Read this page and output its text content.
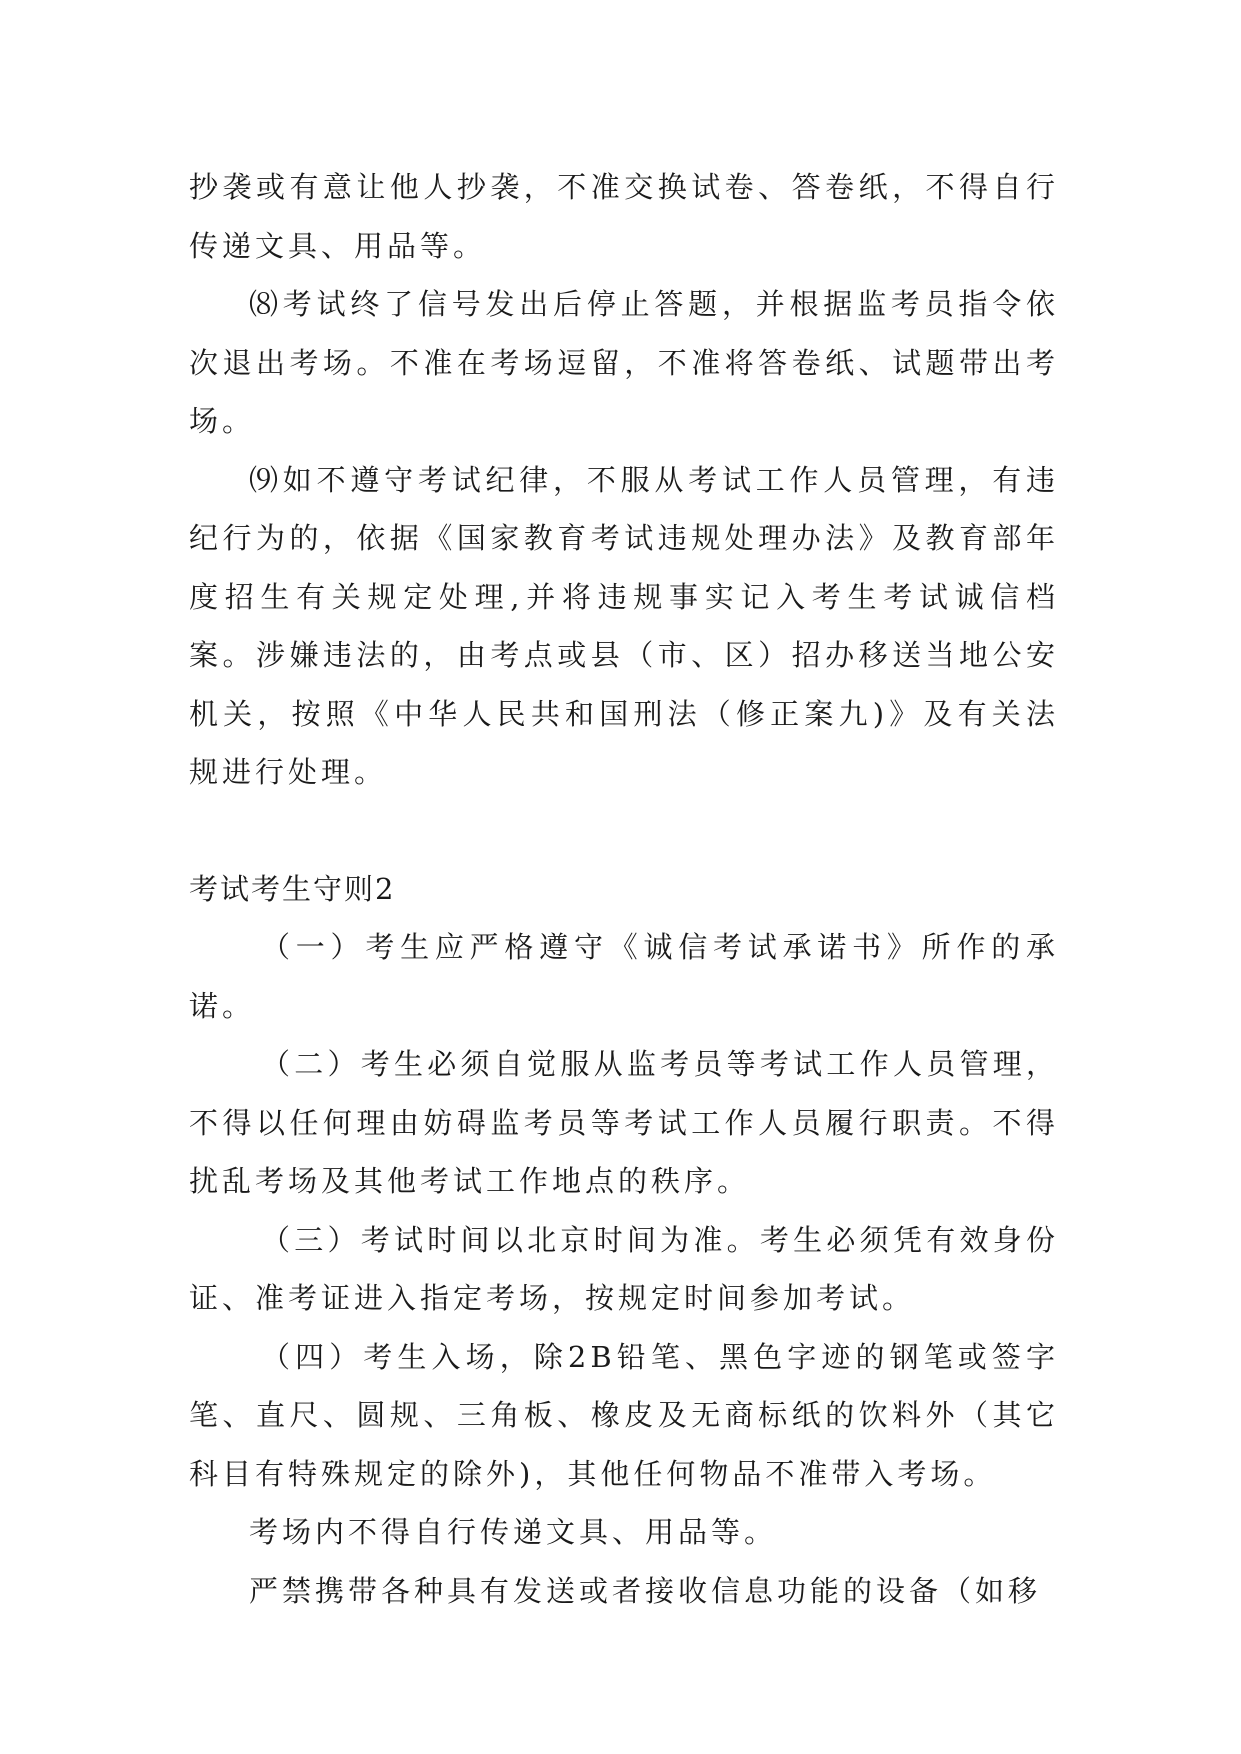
抄袭或有意让他人抄袭，不准交换试卷、答卷纸，不得自行传递文具、用品等。

⑻考试终了信号发出后停止答题，并根据监考员指令依次退出考场。不准在考场逗留，不准将答卷纸、试题带出考场。

⑼如不遵守考试纪律，不服从考试工作人员管理，有违纪行为的，依据《国家教育考试违规处理办法》及教育部年度招生有关规定处理,并将违规事实记入考生考试诚信档案。涉嫌违法的，由考点或县（市、区）招办移送当地公安机关，按照《中华人民共和国刑法（修正案九)》及有关法规进行处理。

考试考生守则2

（一）考生应严格遵守《诚信考试承诺书》所作的承诺。

（二）考生必须自觉服从监考员等考试工作人员管理，不得以任何理由妨碍监考员等考试工作人员履行职责。不得扰乱考场及其他考试工作地点的秩序。

（三）考试时间以北京时间为准。考生必须凭有效身份证、准考证进入指定考场，按规定时间参加考试。

（四）考生入场，除2B铅笔、黑色字迹的钢笔或签字笔、直尺、圆规、三角板、橡皮及无商标纸的饮料外（其它科目有特殊规定的除外)，其他任何物品不准带入考场。

考场内不得自行传递文具、用品等。

严禁携带各种具有发送或者接收信息功能的设备（如移
